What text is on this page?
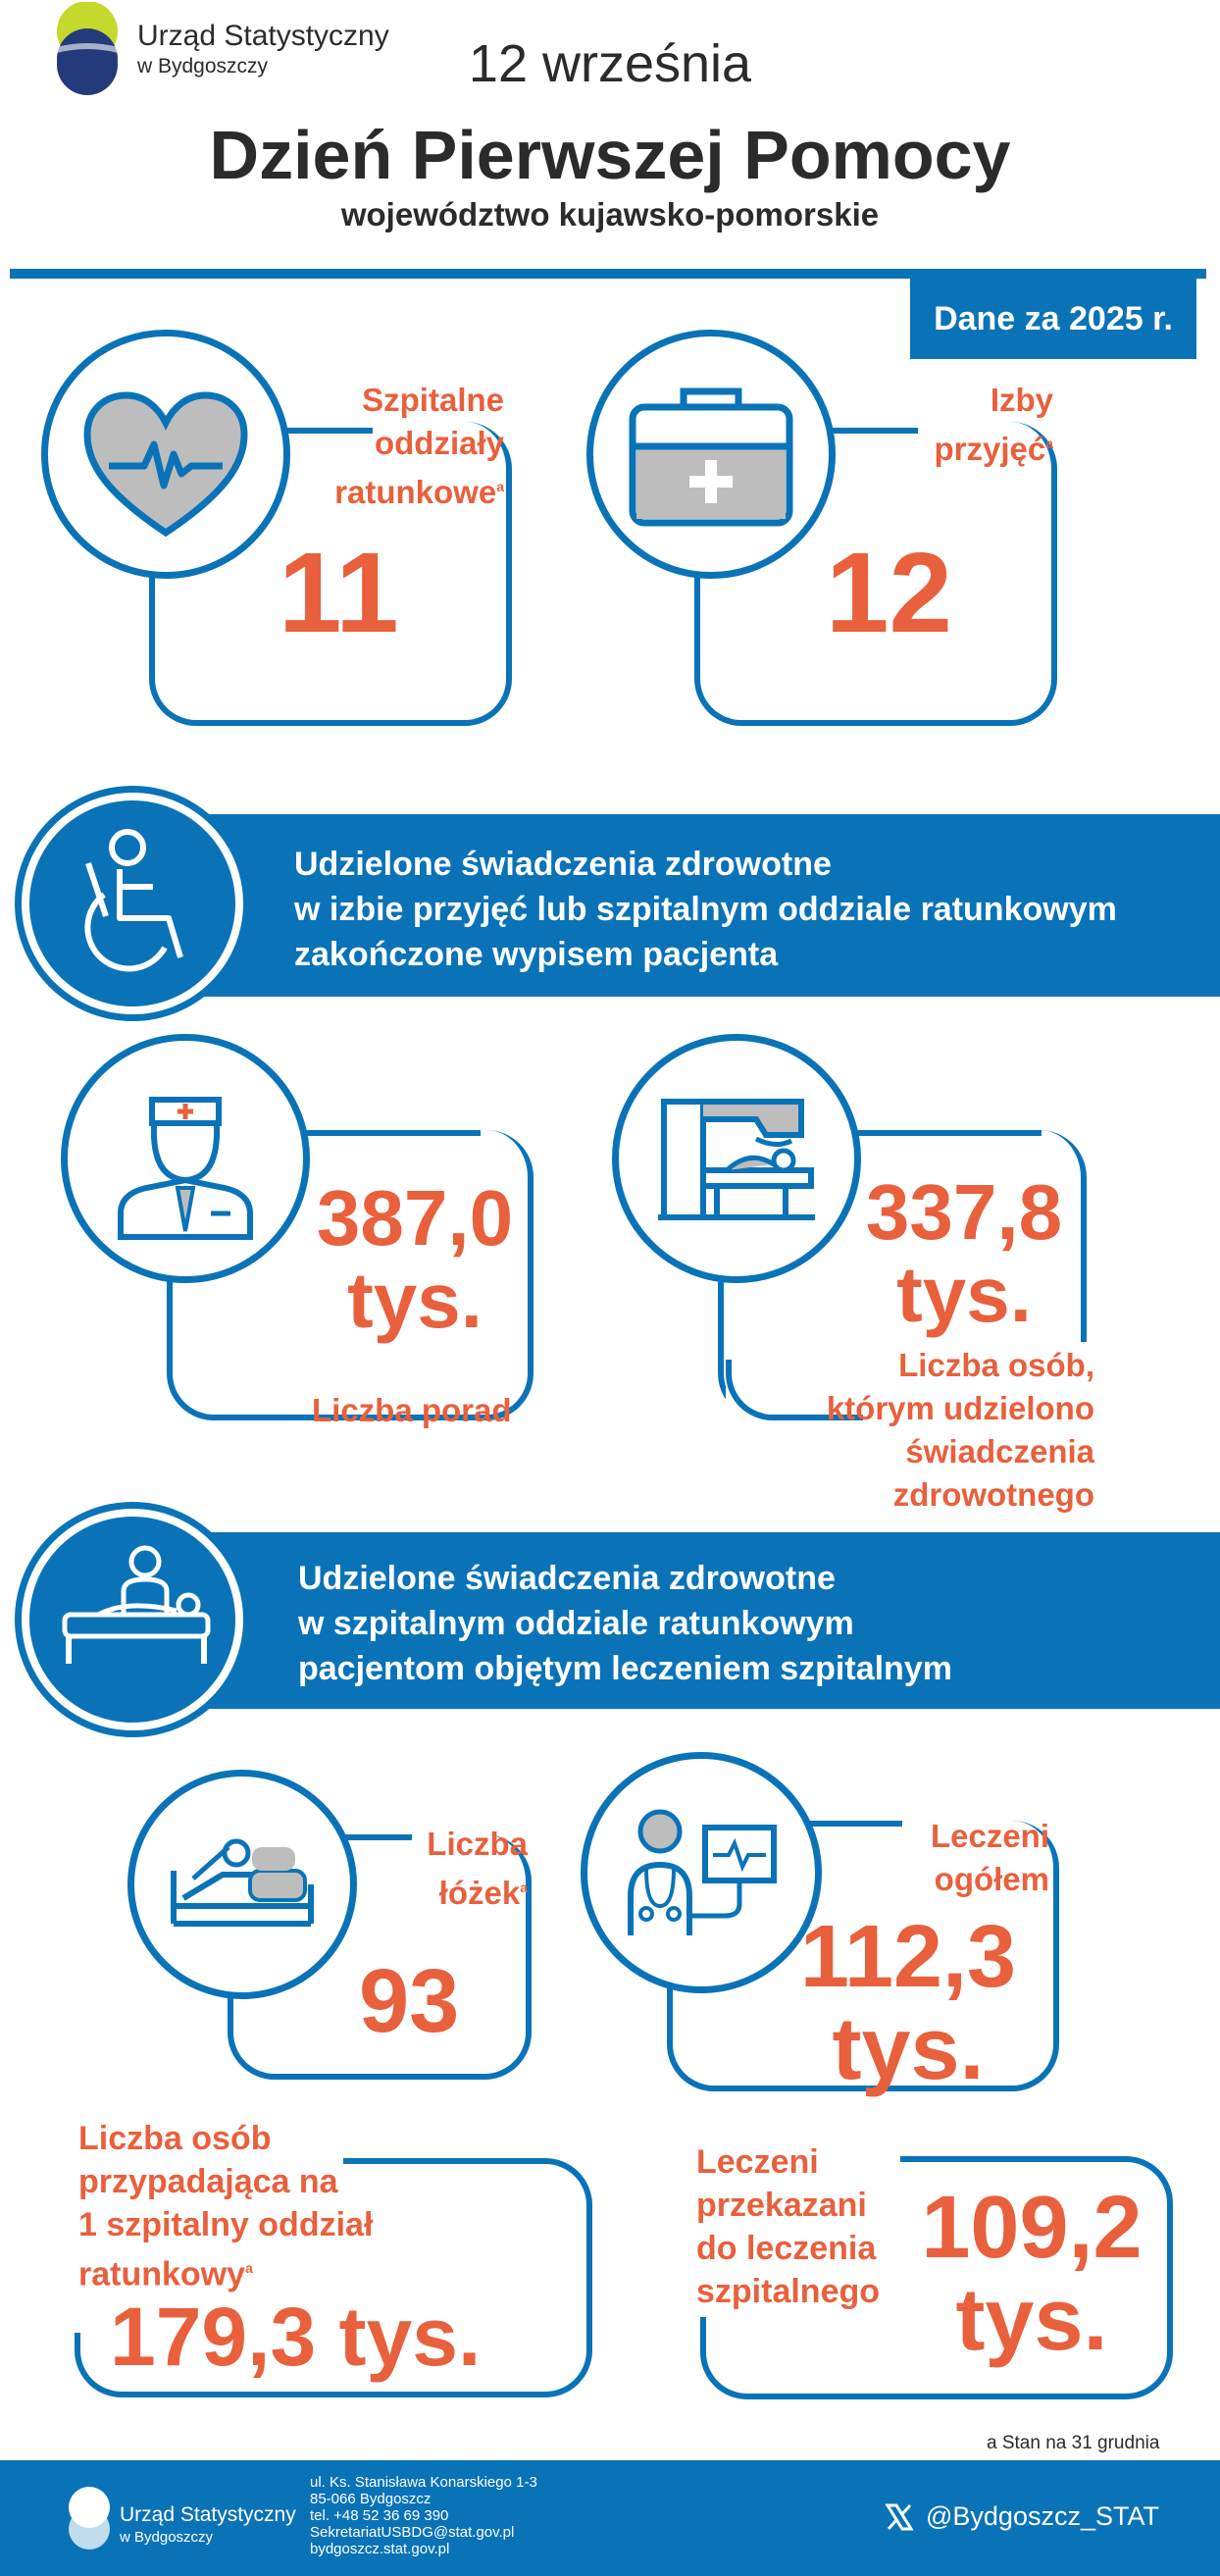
Urząd Statystyczny
w Bydgoszczy	12 września
Dzień Pierwszej Pomocy
województwo kujawsko-pomorskie
Dane za 2025 r.
Szpitalne
oddziały
ratunkowe$^a$
11
Izby
przyjęć$^a$
12
Udzielone świadczenia zdrowotne
w izbie przyjęć lub szpitalnym oddziale ratunkowym
zakończone wypisem pacjenta
387,0
tys.
Liczba porad
337,8
tys.
Liczba osób,
którym udzielono
świadczenia
zdrowotnego
Udzielone świadczenia zdrowotne
w szpitalnym oddziale ratunkowym
pacjentom objętym leczeniem szpitalnym
Liczba
łóżek$^a$
93
Leczeni
ogółem
112,3
tys.
Liczba osób
przypadająca na
1 szpitalny oddział
ratunkowy$^a$
179,3 tys.
Leczeni
przekazani
do leczenia
szpitalnego
109,2
tys.
a Stan na 31 grudnia
Urząd Statystyczny
w Bydgoszczy
ul. Ks. Stanisława Konarskiego 1-3
85-066 Bydgoszcz
tel. +48 52 36 69 390
SekretariatUSBDG@stat.gov.pl
bydgoszcz.stat.gov.pl
@Bydgoszcz_STAT
